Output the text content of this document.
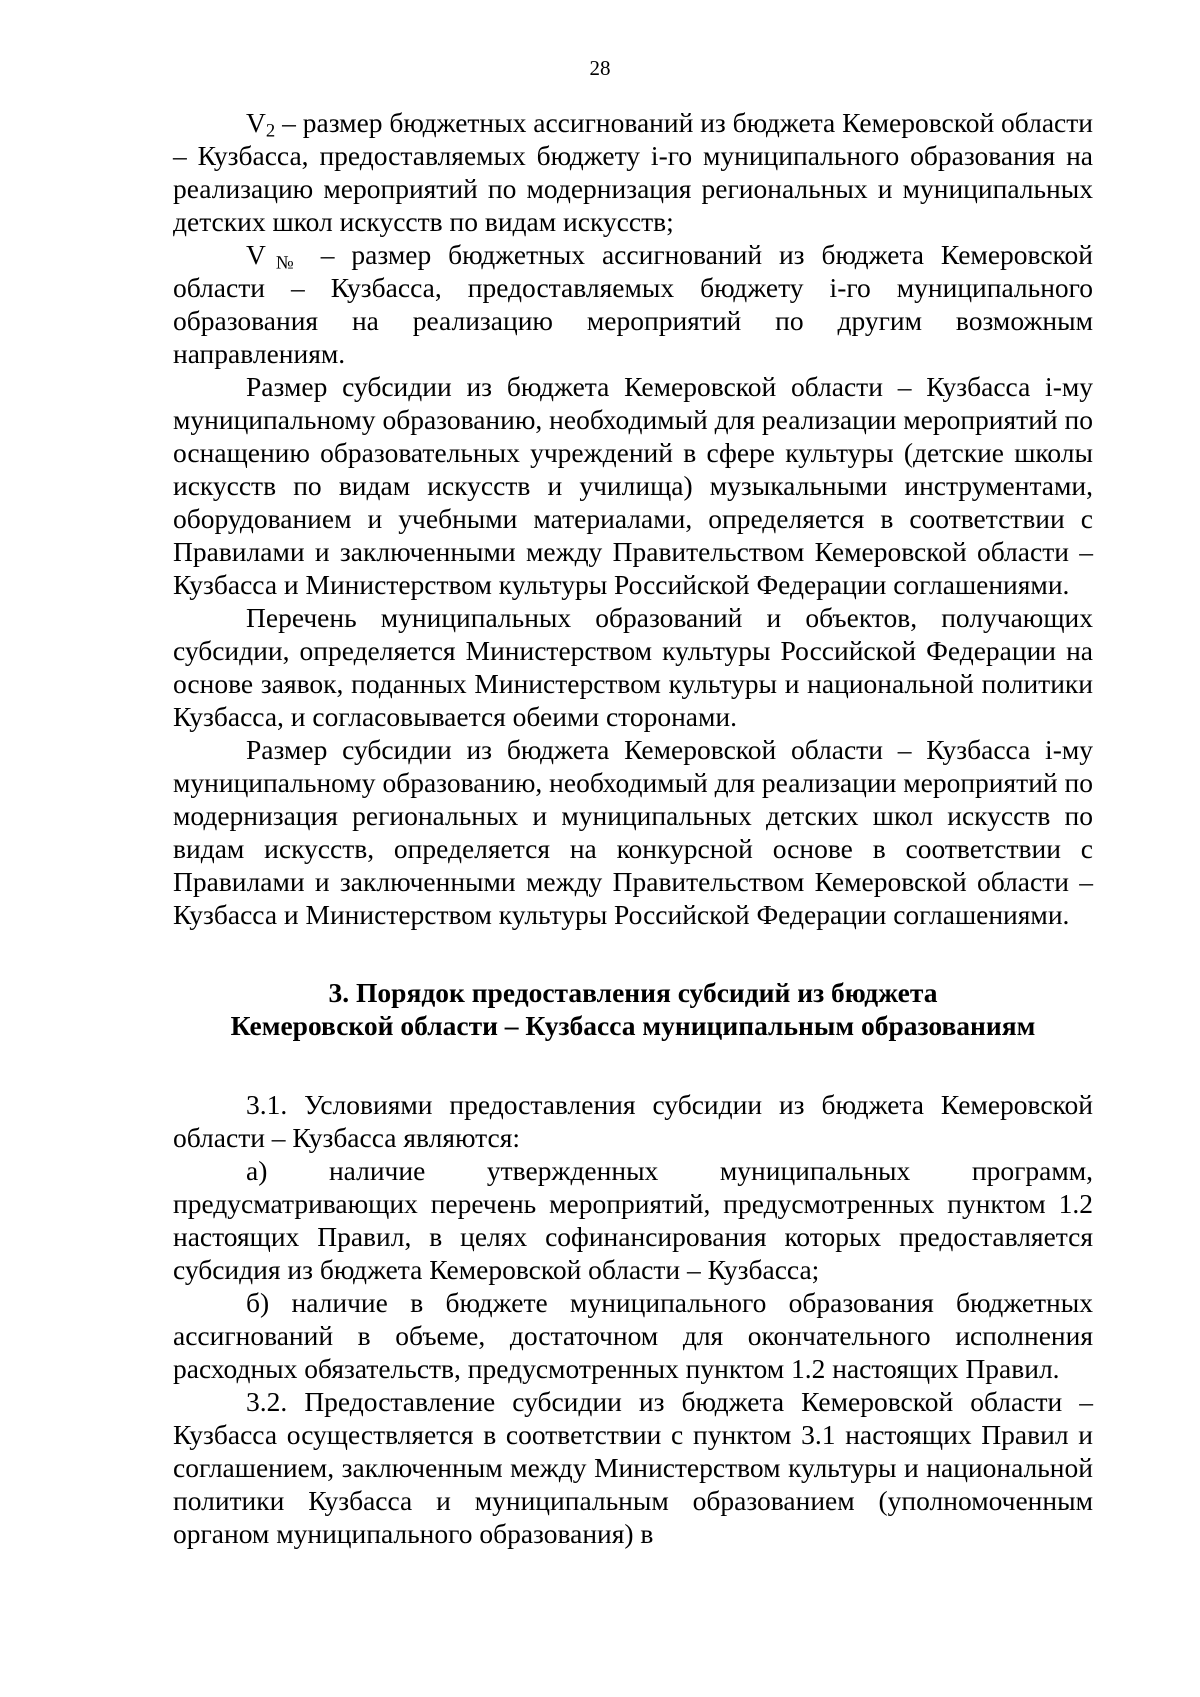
28

$V_2$ – размер бюджетных ассигнований из бюджета Кемеровской области – Кузбасса, предоставляемых бюджету i-го муниципального образования на реализацию мероприятий по модернизация региональных и муниципальных детских школ искусств по видам искусств;

$V_№$ – размер бюджетных ассигнований из бюджета Кемеровской области – Кузбасса, предоставляемых бюджету i-го муниципального образования на реализацию мероприятий по другим возможным направлениям.

Размер субсидии из бюджета Кемеровской области – Кузбасса i-му муниципальному образованию, необходимый для реализации мероприятий по оснащению образовательных учреждений в сфере культуры (детские школы искусств по видам искусств и училища) музыкальными инструментами, оборудованием и учебными материалами, определяется в соответствии с Правилами и заключенными между Правительством Кемеровской области – Кузбасса и Министерством культуры Российской Федерации соглашениями.

Перечень муниципальных образований и объектов, получающих субсидии, определяется Министерством культуры Российской Федерации на основе заявок, поданных Министерством культуры и национальной политики Кузбасса, и согласовывается обеими сторонами.

Размер субсидии из бюджета Кемеровской области – Кузбасса i-му муниципальному образованию, необходимый для реализации мероприятий по модернизация региональных и муниципальных детских школ искусств по видам искусств, определяется на конкурсной основе в соответствии с Правилами и заключенными между Правительством Кемеровской области – Кузбасса и Министерством культуры Российской Федерации соглашениями.

3. Порядок предоставления субсидий из бюджета
Кемеровской области – Кузбасса муниципальным образованиям

3.1. Условиями предоставления субсидии из бюджета Кемеровской области – Кузбасса являются:

а) наличие утвержденных муниципальных программ, предусматривающих перечень мероприятий, предусмотренных пунктом 1.2 настоящих Правил, в целях софинансирования которых предоставляется субсидия из бюджета Кемеровской области – Кузбасса;

б) наличие в бюджете муниципального образования бюджетных ассигнований в объеме, достаточном для окончательного исполнения расходных обязательств, предусмотренных пунктом 1.2 настоящих Правил.

3.2. Предоставление субсидии из бюджета Кемеровской области – Кузбасса осуществляется в соответствии с пунктом 3.1 настоящих Правил и соглашением, заключенным между Министерством культуры и национальной политики Кузбасса и муниципальным образованием (уполномоченным органом муниципального образования) в
